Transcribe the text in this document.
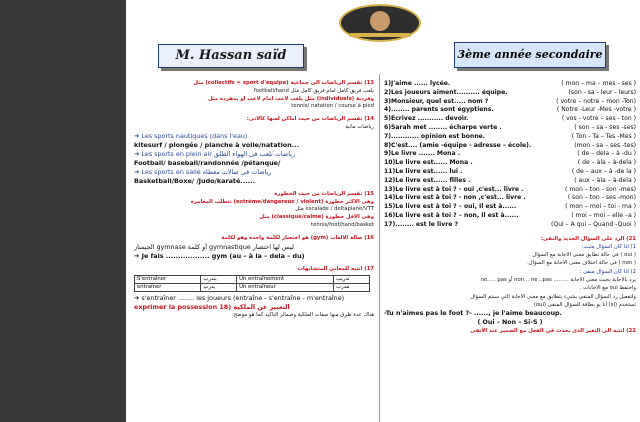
M. Hassan saïd	3ème année secondaire
13) تقسم الرياضات الى جماعية (collectifs = sport d'équipe) مثل
يلعب فريق كامل أمام فريق كامل مثل football/hand
وفردية (individuels) مثل يلعب لاعب أمام لاعب أو بمفرده مثل
tennis/ natation / course à pied
14) تقسم الرياضات من حيث أماكن لعبها كالآتى:
رياضات مائية
➔ Les sports nautiques (dans l'eau)
kitesurf / plongée / planche à voile/natation...
➔ Les sports en plein air رياضات تلعب فى الهواء الطلق
Football/ baseball/randonnée /pétanque/
➔ Les sports en salle رياضات فى صالات مغطاه
Basketball/Boxe/ /Judo/karaté......
15) تقسم الرياضات من حيث الخطورة
وهى الاكثر خطورة (extrême/dangereux / violent) تتطلب المغامرة
escalade / deltaplane/VTT مثل
وهى الاقل خطورة (classique/calme) مثل
tennis/foot/hand/basket
16) صالة الالعاب (gym) هو اختصار لكلمة واحدة وهو لكلمة
الجيمناز gymnase أو كلمة gymnastique ليس لها اختصار
➔ Je fais .................. gym (au – à la – dela – du)
17) انتبه للمعاني المتشابهات
S'entraîner	يتدرب	Un entraînement	تدريب
entraîner	يدرب	Un entraîneur	مدرب
➔ s'entraîner ........ les joueurs (entraîne - s'entraîne - m'entraîne)
exprimer la possession 18) التعبير عن الملكية
هناك عدة طرق منها صفات الملكية وضمائر التأكيد كما هو موضح:
1)J'aime ...... lycée.	( mon – ma – mes - ses )
2)Les joueurs aiment.......... équipe.	(son - sa - leur - leurs)
3)Monsieur, quel est..... nom ?	( votre – notre – mon -Ton)
4)........ parents sont égyptiens.	( Notre -Leur -Mes -votre )
5)Ecrivez ........... devoir.	( vos - votre – ses - ton )
6)Sarah met ........ écharpe verte .	( son – sa - ses -ses)
7)............ opinion est bonne.	( Ton - Ta – Tes -Mes )
8)C'est.... (amie -équipe - adresse – école).	(mon - sa – ses -tes)
9)Le livre ....... Mona .	( de – dela – à -du )
10)Le livre est...... Mona .	( de – àla – à-dela )
11)Le livre est...... lui .	( de – aux – à -de la )
12)Le livre est...... filles .	( aux – àla – à-dela )
13)Le livre est à toi ? - oui ,c'est... livre .	( mon – ton - son -mes)
14)Le livre est à toi ? - non ,c'est... livre .	( son – ton - ses -mon)
15)Le livre est à toi ? – oui, Il est à......	( mon – moi – toi - ma )
16)Le livre est à toi ? – non, Il est à......	( moi – moi – elle –a )
17)........ est le livre ?	(Qui – À qui – Quand -Quoi )
21) الرد على السؤال الجديد والنفى:
1) اذا كان السؤال مثبت:
( oui ) فى حالة تطابق معنى الاجابة مع السؤال .
( non ) فى حالة اختلاف معنى الاجابة مع السؤال.
2) اذا كان السؤال منفى :
يرد بالاجابة بحيث معنى الاجابة ......... non .. ne ..pas أو ne..... pas
واحتفظ oui مع الاجابات .
ولتفعيل رد السؤال المنفى بشيء يتطابق مع معنى الاجابة التي سيتم السؤال
تستخدم (si) أنا يو بطاقة للسؤال المنفى (oui)
-Tu n'aimes pas le foot ?- ......, je l'aime beaucoup.
( Oui – Non – Si-S )
22) انتبه الى التغير الذى يحدث في الفعل مع الضمير عند الانفى
